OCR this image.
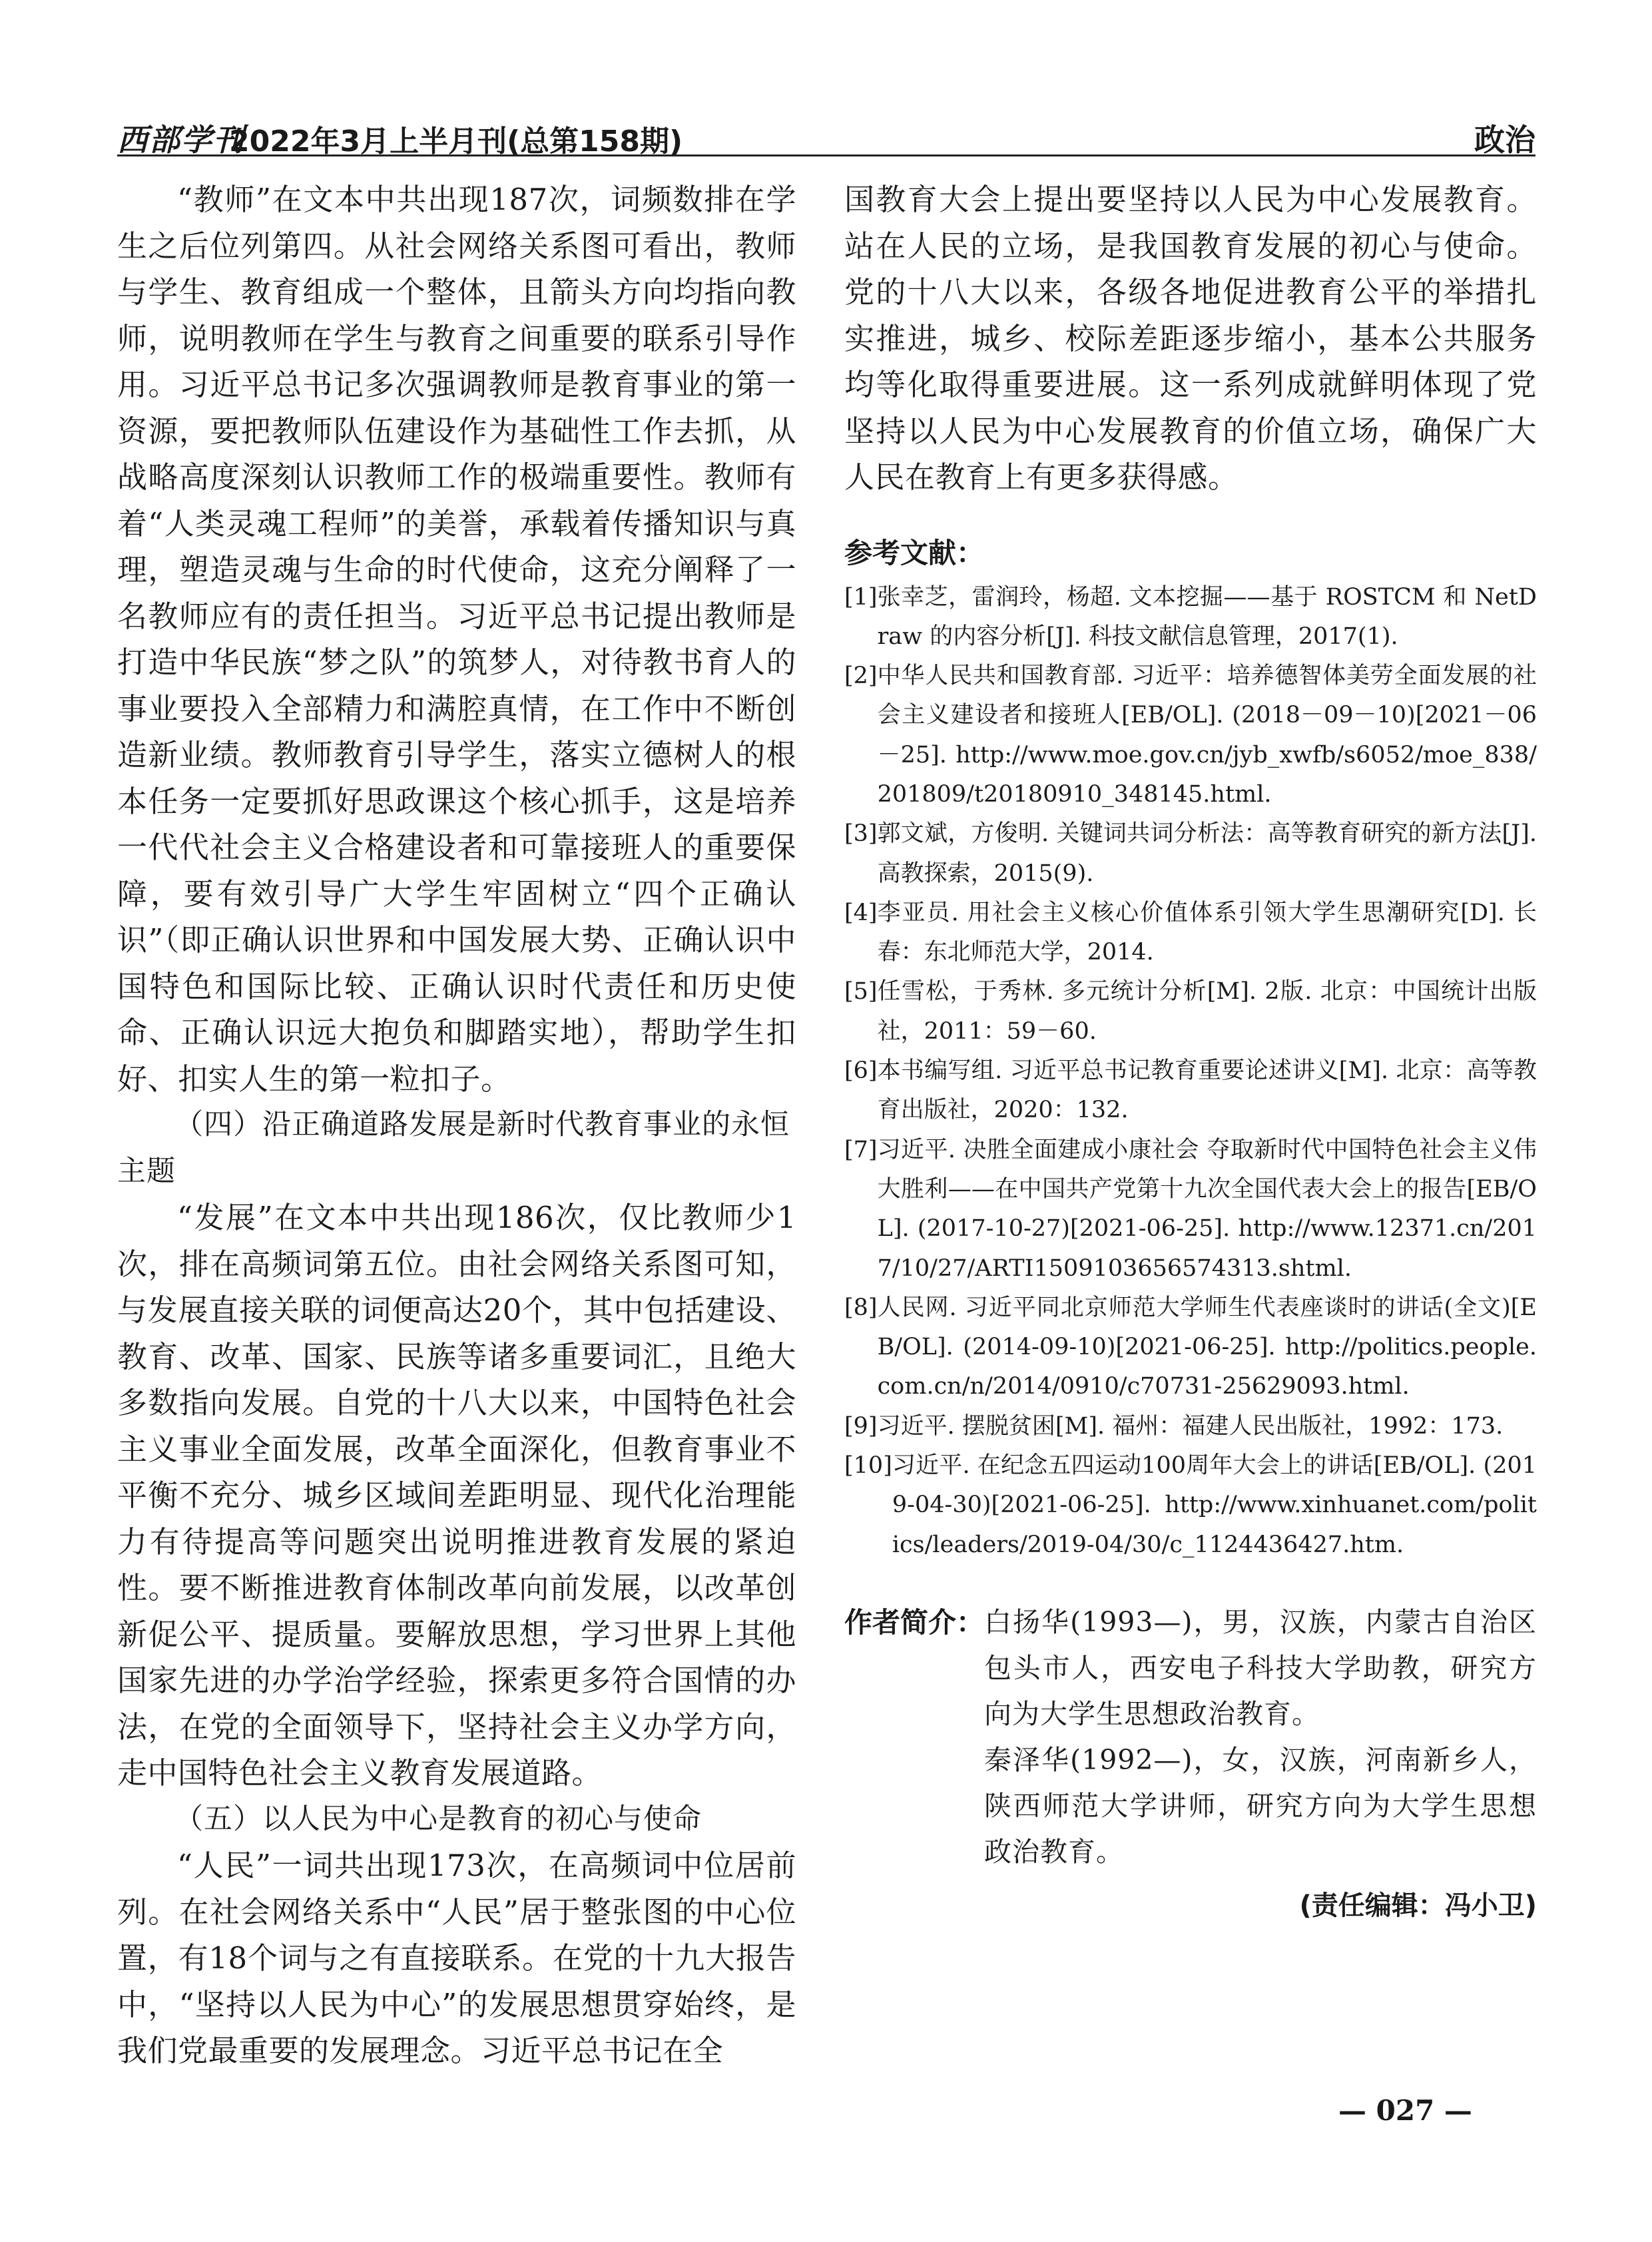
西部学刊
2022年3月上半月刊(总第158期)	政治

“教师”在文本中共出现187次，词频数排在学生之后位列第四。从社会网络关系图可看出，教师与学生、教育组成一个整体，且箭头方向均指向教师，说明教师在学生与教育之间重要的联系引导作用。习近平总书记多次强调教师是教育事业的第一资源，要把教师队伍建设作为基础性工作去抓，从战略高度深刻认识教师工作的极端重要性。教师有着“人类灵魂工程师”的美誉，承载着传播知识与真理，塑造灵魂与生命的时代使命，这充分阐释了一名教师应有的责任担当。习近平总书记提出教师是打造中华民族“梦之队”的筑梦人，对待教书育人的事业要投入全部精力和满腔真情，在工作中不断创造新业绩。教师教育引导学生，落实立德树人的根本任务一定要抓好思政课这个核心抓手，这是培养一代代社会主义合格建设者和可靠接班人的重要保障，要有效引导广大学生牢固树立“四个正确认识”（即正确认识世界和中国发展大势、正确认识中国特色和国际比较、正确认识时代责任和历史使命、正确认识远大抱负和脚踏实地），帮助学生扣好、扣实人生的第一粒扣子。

（四）沿正确道路发展是新时代教育事业的永恒主题

“发展”在文本中共出现186次，仅比教师少1次，排在高频词第五位。由社会网络关系图可知，与发展直接关联的词便高达20个，其中包括建设、教育、改革、国家、民族等诸多重要词汇，且绝大多数指向发展。自党的十八大以来，中国特色社会主义事业全面发展，改革全面深化，但教育事业不平衡不充分、城乡区域间差距明显、现代化治理能力有待提高等问题突出说明推进教育发展的紧迫性。要不断推进教育体制改革向前发展，以改革创新促公平、提质量。要解放思想，学习世界上其他国家先进的办学治学经验，探索更多符合国情的办法，在党的全面领导下，坚持社会主义办学方向，走中国特色社会主义教育发展道路。

（五）以人民为中心是教育的初心与使命

“人民”一词共出现173次，在高频词中位居前列。在社会网络关系中“人民”居于整张图的中心位置，有18个词与之有直接联系。在党的十九大报告中，“坚持以人民为中心”的发展思想贯穿始终，是我们党最重要的发展理念。习近平总书记在全

国教育大会上提出要坚持以人民为中心发展教育。站在人民的立场，是我国教育发展的初心与使命。党的十八大以来，各级各地促进教育公平的举措扎实推进，城乡、校际差距逐步缩小，基本公共服务均等化取得重要进展。这一系列成就鲜明体现了党坚持以人民为中心发展教育的价值立场，确保广大人民在教育上有更多获得感。

参考文献：
[1] 张幸芝，雷润玲，杨超. 文本挖掘——基于 ROSTCM 和 NetDraw 的内容分析[J]. 科技文献信息管理，2017(1).
[2] 中华人民共和国教育部. 习近平：培养德智体美劳全面发展的社会主义建设者和接班人[EB/OL]. (2018－09－10)[2021－06－25]. http://www.moe.gov.cn/jyb_xwfb/s6052/moe_838/201809/t20180910_348145.html.
[3] 郭文斌，方俊明. 关键词共词分析法：高等教育研究的新方法[J]. 高教探索，2015(9).
[4] 李亚员. 用社会主义核心价值体系引领大学生思潮研究[D]. 长春：东北师范大学，2014.
[5] 任雪松，于秀林. 多元统计分析[M]. 2版. 北京：中国统计出版社，2011：59－60.
[6] 本书编写组. 习近平总书记教育重要论述讲义[M]. 北京：高等教育出版社，2020：132.
[7] 习近平. 决胜全面建成小康社会 夺取新时代中国特色社会主义伟大胜利——在中国共产党第十九次全国代表大会上的报告[EB/OL]. (2017-10-27)[2021-06-25]. http://www.12371.cn/2017/10/27/ARTI1509103656574313.shtml.
[8] 人民网. 习近平同北京师范大学师生代表座谈时的讲话(全文)[EB/OL]. (2014-09-10)[2021-06-25]. http://politics.people.com.cn/n/2014/0910/c70731-25629093.html.
[9] 习近平. 摆脱贫困[M]. 福州：福建人民出版社，1992：173.
[10] 习近平. 在纪念五四运动100周年大会上的讲话[EB/OL]. (2019-04-30)[2021-06-25]. http://www.xinhuanet.com/politics/leaders/2019-04/30/c_1124436427.htm.
作者简介： 白扬华(1993—)，男，汉族，内蒙古自治区包头市人，西安电子科技大学助教，研究方向为大学生思想政治教育。

秦泽华(1992—)，女，汉族，河南新乡人，陕西师范大学讲师，研究方向为大学生思想政治教育。

(责任编辑：冯小卫)
— 027 —
